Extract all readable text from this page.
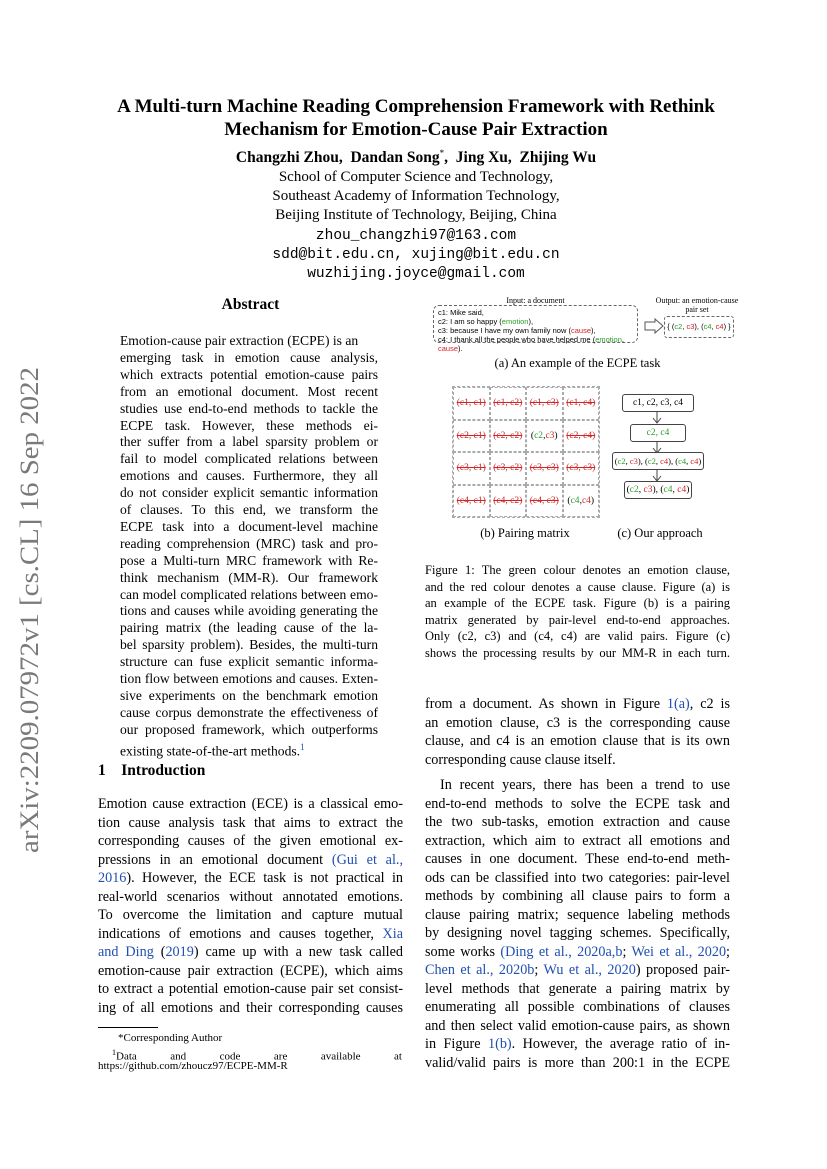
arXiv:2209.07972v1 [cs.CL] 16 Sep 2022
A Multi-turn Machine Reading Comprehension Framework with Rethink
Mechanism for Emotion-Cause Pair Extraction
Changzhi Zhou, Dandan Song*, Jing Xu, Zhijing Wu
School of Computer Science and Technology,
Southeast Academy of Information Technology,
Beijing Institute of Technology, Beijing, China
zhou_changzhi97@163.com
sdd@bit.edu.cn, xujing@bit.edu.cn
wuzhijing.joyce@gmail.com
Abstract
Emotion-cause pair extraction (ECPE) is an
emerging task in emotion cause analysis,
which extracts potential emotion-cause pairs
from an emotional document. Most recent
studies use end-to-end methods to tackle the
ECPE task. However, these methods ei-
ther suffer from a label sparsity problem or
fail to model complicated relations between
emotions and causes. Furthermore, they all
do not consider explicit semantic information
of clauses. To this end, we transform the
ECPE task into a document-level machine
reading comprehension (MRC) task and pro-
pose a Multi-turn MRC framework with Re-
think mechanism (MM-R). Our framework
can model complicated relations between emo-
tions and causes while avoiding generating the
pairing matrix (the leading cause of the la-
bel sparsity problem). Besides, the multi-turn
structure can fuse explicit semantic informa-
tion flow between emotions and causes. Exten-
sive experiments on the benchmark emotion
cause corpus demonstrate the effectiveness of
our proposed framework, which outperforms
existing state-of-the-art methods.$^1$
1 Introduction
Emotion cause extraction (ECE) is a classical emo-
tion cause analysis task that aims to extract the
corresponding causes of the given emotional ex-
pressions in an emotional document (Gui et al.,
2016). However, the ECE task is not practical in
real-world scenarios without annotated emotions.
To overcome the limitation and capture mutual
indications of emotions and causes together, Xia
and Ding (2019) came up with a new task called
emotion-cause pair extraction (ECPE), which aims
to extract a potential emotion-cause pair set consist-
ing of all emotions and their corresponding causes
*Corresponding Author
$^1$Data and code are available at
https://github.com/zhoucz97/ECPE-MM-R
Input: a document	Output: an emotion-cause
pair set
c1: Mike said,
c2: I am so happy (emotion),
c3: because I have my own family now (cause),
c4: I thank all the people who have helped me (emotion, cause).
{ (c2, c3), (c4, c4) }
(a) An example of the ECPE task
(c1, c1) (c1, c2) (c1, c3) (c1, c4)
(c2, c1) (c2, c2) ( c2 , c3 ) (c2, c4)
(c3, c1) (c3, c2) (c3, c3) (c3, c3)
(c4, c1) (c4, c2) (c4, c3) ( c4 , c4 )
(b) Pairing matrix
c1, c2, c3, c4
c2, c4
(c2, c3), (c2, c4), (c4, c4)
(c2, c3), (c4, c4)
(c) Our approach
Figure 1: The green colour denotes an emotion clause,
and the red colour denotes a cause clause. Figure (a) is
an example of the ECPE task. Figure (b) is a pairing
matrix generated by pair-level end-to-end approaches.
Only (c2, c3) and (c4, c4) are valid pairs. Figure (c)
shows the processing results by our MM-R in each turn.
from a document. As shown in Figure 1(a), c2 is
an emotion clause, c3 is the corresponding cause
clause, and c4 is an emotion clause that is its own
corresponding cause clause itself.
In recent years, there has been a trend to use
end-to-end methods to solve the ECPE task and
the two sub-tasks, emotion extraction and cause
extraction, which aim to extract all emotions and
causes in one document. These end-to-end meth-
ods can be classified into two categories: pair-level
methods by combining all clause pairs to form a
clause pairing matrix; sequence labeling methods
by designing novel tagging schemes. Specifically,
some works (Ding et al., 2020a,b; Wei et al., 2020;
Chen et al., 2020b; Wu et al., 2020) proposed pair-
level methods that generate a pairing matrix by
enumerating all possible combinations of clauses
and then select valid emotion-cause pairs, as shown
in Figure 1(b). However, the average ratio of in-
valid/valid pairs is more than 200:1 in the ECPE
